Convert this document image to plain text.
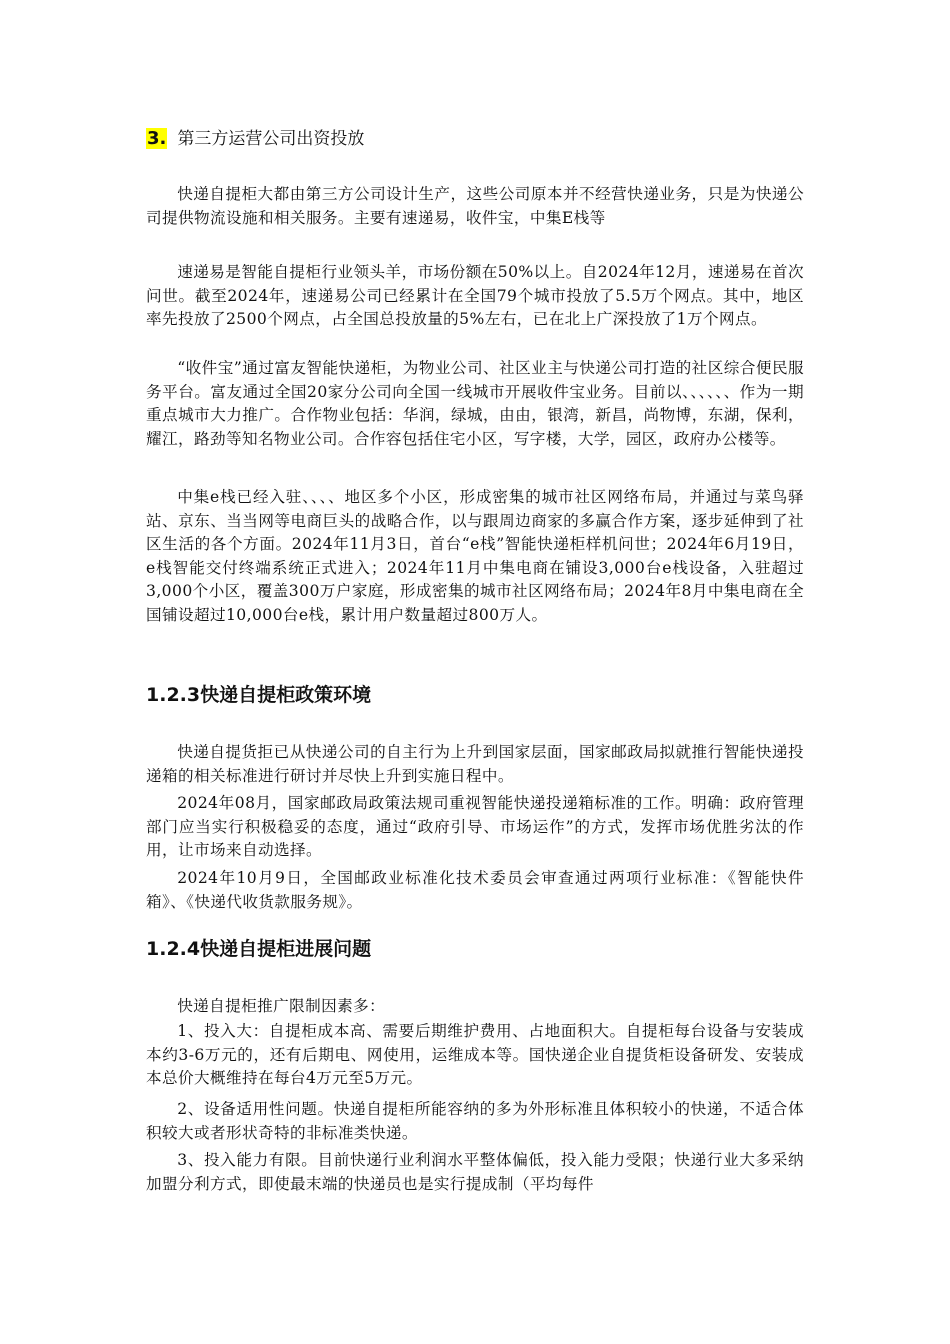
3. 第三方运营公司出资投放

快递自提柜大都由第三方公司设计生产，这些公司原本并不经营快递业务，只是为快递公司提供物流设施和相关服务。主要有速递易，收件宝，中集E栈等

速递易是智能自提柜行业领头羊，市场份额在50%以上。自2024年12月，速递易在首次问世。截至2024年，速递易公司已经累计在全国79个城市投放了5.5万个网点。其中，地区率先投放了2500个网点，占全国总投放量的5%左右，已在北上广深投放了1万个网点。

“收件宝”通过富友智能快递柜，为物业公司、社区业主与快递公司打造的社区综合便民服务平台。富友通过全国20家分公司向全国一线城市开展收件宝业务。目前以、、、、、、作为一期重点城市大力推广。合作物业包括：华润，绿城，由由，银湾，新昌，尚物博，东湖，保利，耀江，路劲等知名物业公司。合作容包括住宅小区，写字楼，大学，园区，政府办公楼等。

中集e栈已经入驻、、、、地区多个小区，形成密集的城市社区网络布局，并通过与菜鸟驿站、京东、当当网等电商巨头的战略合作，以与跟周边商家的多赢合作方案，逐步延伸到了社区生活的各个方面。2024年11月3日，首台“e栈”智能快递柜样机问世；2024年6月19日，e栈智能交付终端系统正式进入；2024年11月中集电商在铺设3,000台e栈设备，入驻超过3,000个小区，覆盖300万户家庭，形成密集的城市社区网络布局；2024年8月中集电商在全国铺设超过10,000台e栈，累计用户数量超过800万人。

1.2.3快递自提柜政策环境

快递自提货拒已从快递公司的自主行为上升到国家层面，国家邮政局拟就推行智能快递投递箱的相关标准进行研讨并尽快上升到实施日程中。

2024年08月，国家邮政局政策法规司重视智能快递投递箱标准的工作。明确：政府管理部门应当实行积极稳妥的态度，通过“政府引导、市场运作”的方式，发挥市场优胜劣汰的作用，让市场来自动选择。

2024年10月9日，全国邮政业标准化技术委员会审查通过两项行业标准：《智能快件箱》、《快递代收货款服务规》。

1.2.4快递自提柜进展问题

快递自提柜推广限制因素多：

1、投入大：自提柜成本高、需要后期维护费用、占地面积大。自提柜每台设备与安装成本约3-6万元的，还有后期电、网使用，运维成本等。国快递企业自提货柜设备研发、安装成本总价大概维持在每台4万元至5万元。

2、设备适用性问题。快递自提柜所能容纳的多为外形标准且体积较小的快递，不适合体积较大或者形状奇特的非标准类快递。

3、投入能力有限。目前快递行业利润水平整体偏低，投入能力受限；快递行业大多采纳加盟分利方式，即使最末端的快递员也是实行提成制（平均每件
